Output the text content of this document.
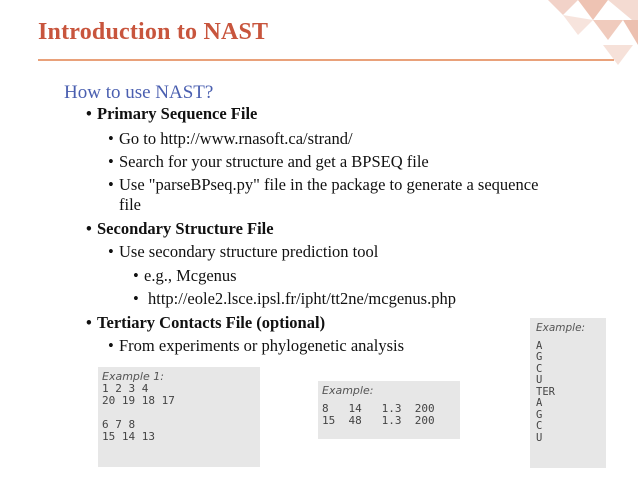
Introduction to NAST
How to use NAST?
• Primary Sequence File
• Go to http://www.rnasoft.ca/strand/
• Search for your structure and get a BPSEQ file
• Use "parseBPseq.py" file in the package to generate a sequence
file
• Secondary Structure File
• Use secondary structure prediction tool
• e.g., Mcgenus
• http://eole2.lsce.ipsl.fr/ipht/tt2ne/mcgenus.php
• Tertiary Contacts File (optional)
• From experiments or phylogenetic analysis
Example 1:
1 2 3 4
20 19 18 17

6 7 8
15 14 13
Example:
8   14   1.3  200
15  48   1.3  200
Example:
A
G
C
U
TER
A
G
C
U
